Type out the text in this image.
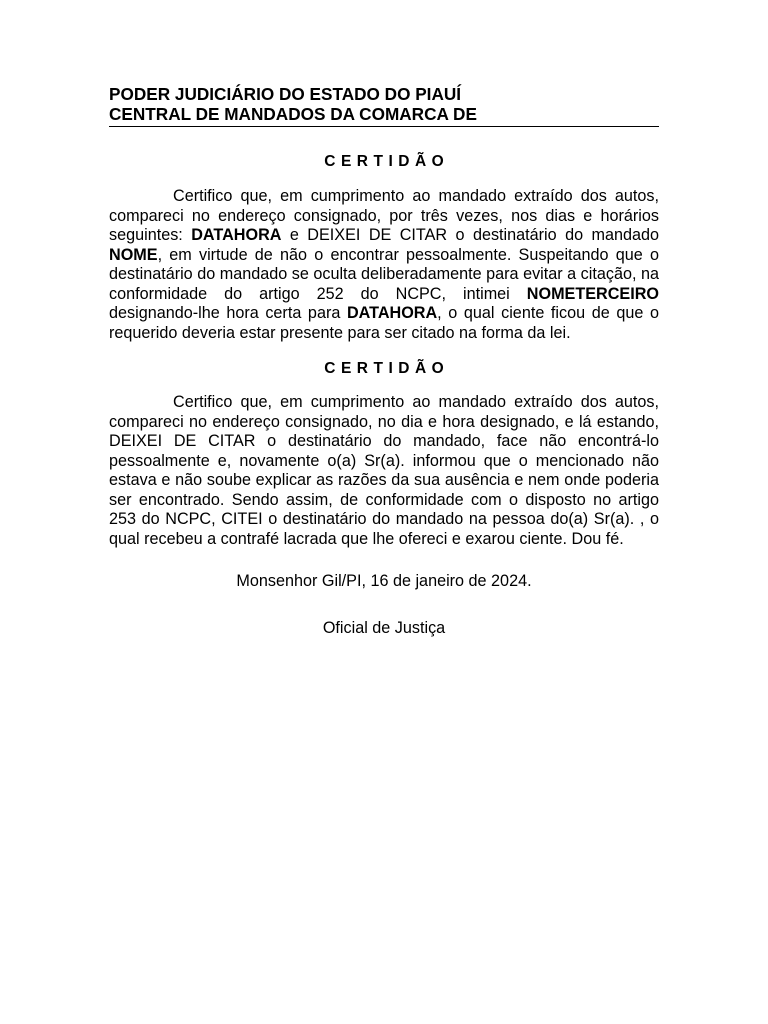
PODER JUDICIÁRIO DO ESTADO DO PIAUÍ
CENTRAL DE MANDADOS DA COMARCA DE
CERTIDÃO
Certifico que, em cumprimento ao mandado extraído dos autos, compareci no endereço consignado, por três vezes, nos dias e horários seguintes: DATAHORA e DEIXEI DE CITAR o destinatário do mandado NOME, em virtude de não o encontrar pessoalmente. Suspeitando que o destinatário do mandado se oculta deliberadamente para evitar a citação, na conformidade do artigo 252 do NCPC, intimei NOMETERCEIRO designando-lhe hora certa para DATAHORA, o qual ciente ficou de que o requerido deveria estar presente para ser citado na forma da lei.
CERTIDÃO
Certifico que, em cumprimento ao mandado extraído dos autos, compareci no endereço consignado, no dia e hora designado, e lá estando, DEIXEI DE CITAR o destinatário do mandado, face não encontrá-lo pessoalmente e, novamente o(a) Sr(a). informou que o mencionado não estava e não soube explicar as razões da sua ausência e nem onde poderia ser encontrado. Sendo assim, de conformidade com o disposto no artigo 253 do NCPC, CITEI o destinatário do mandado na pessoa do(a) Sr(a). , o qual recebeu a contrafé lacrada que lhe ofereci e exarou ciente. Dou fé.
Monsenhor Gil/PI, 16 de janeiro de 2024.
Oficial de Justiça
